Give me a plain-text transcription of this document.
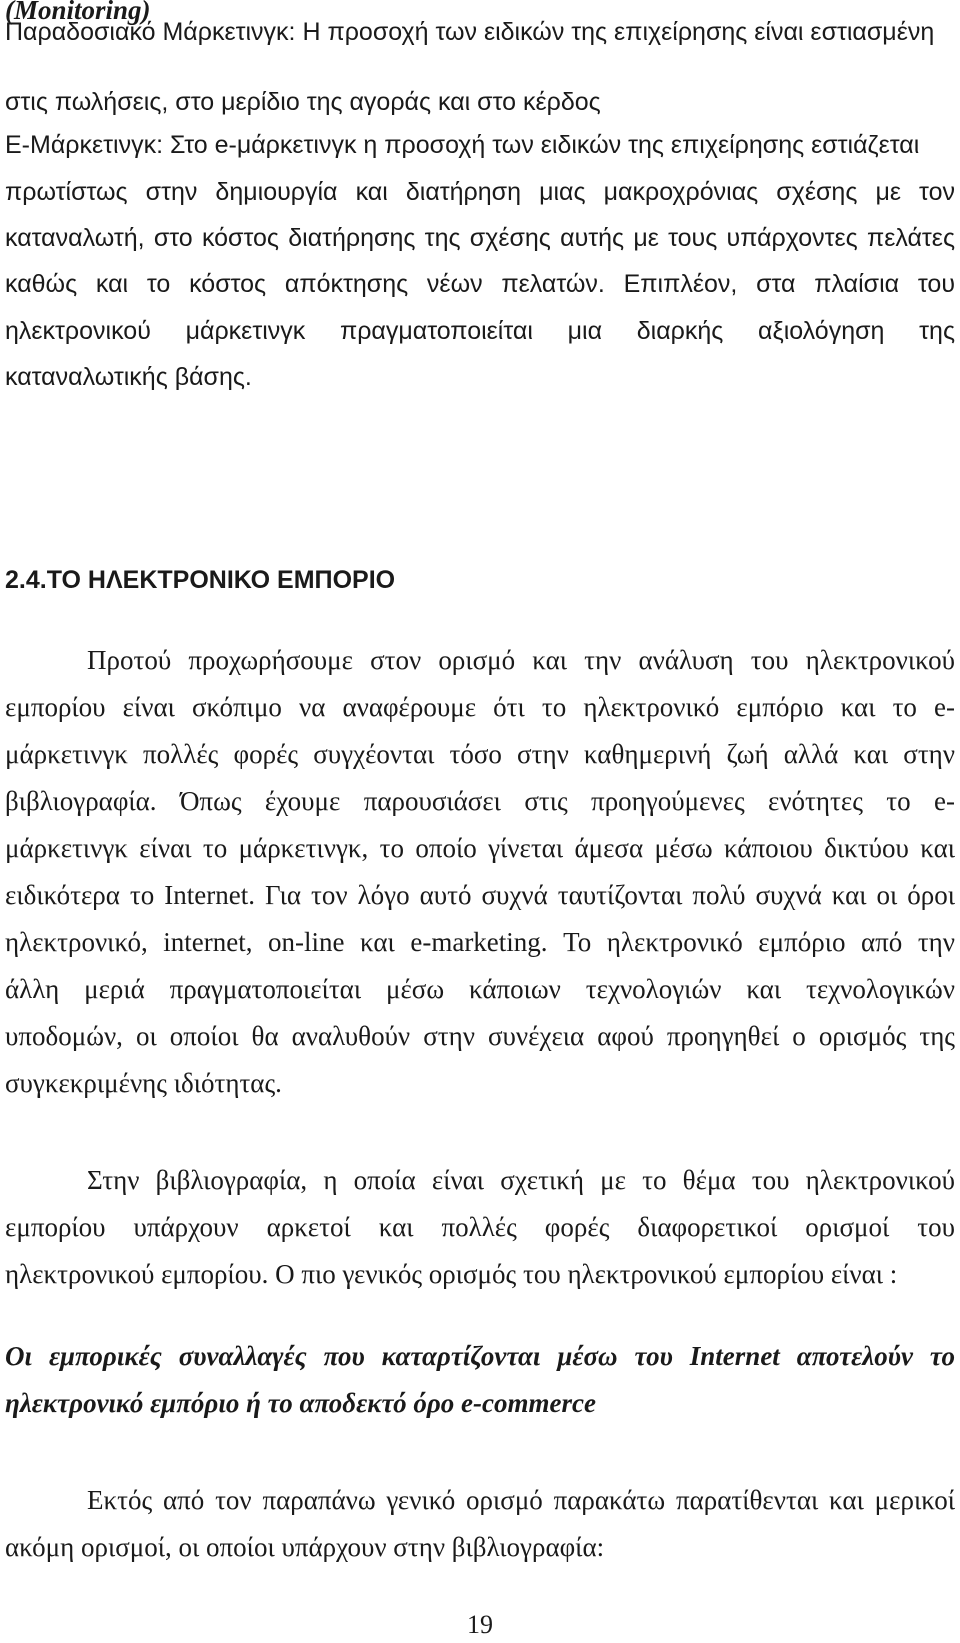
(Monitoring)
Παραδοσιακό Μάρκετινγκ: Η προσοχή των ειδικών της επιχείρησης είναι εστιασμένη
στις πωλήσεις, στο μερίδιο της αγοράς και στο κέρδος
Ε-Μάρκετινγκ: Στο e-μάρκετινγκ η προσοχή των ειδικών της επιχείρησης εστιάζεται
πρωτίστως στην δημιουργία και διατήρηση μιας μακροχρόνιας σχέσης με τον
καταναλωτή, στο κόστος διατήρησης της σχέσης αυτής με τους υπάρχοντες πελάτες
καθώς και το κόστος απόκτησης νέων πελατών. Επιπλέον, στα πλαίσια του
ηλεκτρονικού μάρκετινγκ πραγματοποιείται μια διαρκής αξιολόγηση της
καταναλωτικής βάσης.
2.4.ΤΟ ΗΛΕΚΤΡΟΝΙΚΟ ΕΜΠΟΡΙΟ
Προτού προχωρήσουμε στον ορισμό και την ανάλυση του ηλεκτρονικού
εμπορίου είναι σκόπιμο να αναφέρουμε ότι το ηλεκτρονικό εμπόριο και το e-
μάρκετινγκ πολλές φορές συγχέονται τόσο στην καθημερινή ζωή αλλά και στην
βιβλιογραφία. Όπως έχουμε παρουσιάσει στις προηγούμενες ενότητες το e-
μάρκετινγκ είναι το μάρκετινγκ, το οποίο γίνεται άμεσα μέσω κάποιου δικτύου και
ειδικότερα το Internet. Για τον λόγο αυτό συχνά ταυτίζονται πολύ συχνά και οι όροι
ηλεκτρονικό, internet, on-line και e-marketing. Το ηλεκτρονικό εμπόριο από την
άλλη μεριά πραγματοποιείται μέσω κάποιων τεχνολογιών και τεχνολογικών
υποδομών, οι οποίοι θα αναλυθούν στην συνέχεια αφού προηγηθεί ο ορισμός της
συγκεκριμένης ιδιότητας.
Στην βιβλιογραφία, η οποία είναι σχετική με το θέμα του ηλεκτρονικού
εμπορίου υπάρχουν αρκετοί και πολλές φορές διαφορετικοί ορισμοί του
ηλεκτρονικού εμπορίου. Ο πιο γενικός ορισμός του ηλεκτρονικού εμπορίου είναι :
Οι εμπορικές συναλλαγές που καταρτίζονται μέσω του Internet αποτελούν το
ηλεκτρονικό εμπόριο ή το αποδεκτό όρο e-commerce
Εκτός από τον παραπάνω γενικό ορισμό παρακάτω παρατίθενται και μερικοί
ακόμη ορισμοί, οι οποίοι υπάρχουν στην βιβλιογραφία:
19
